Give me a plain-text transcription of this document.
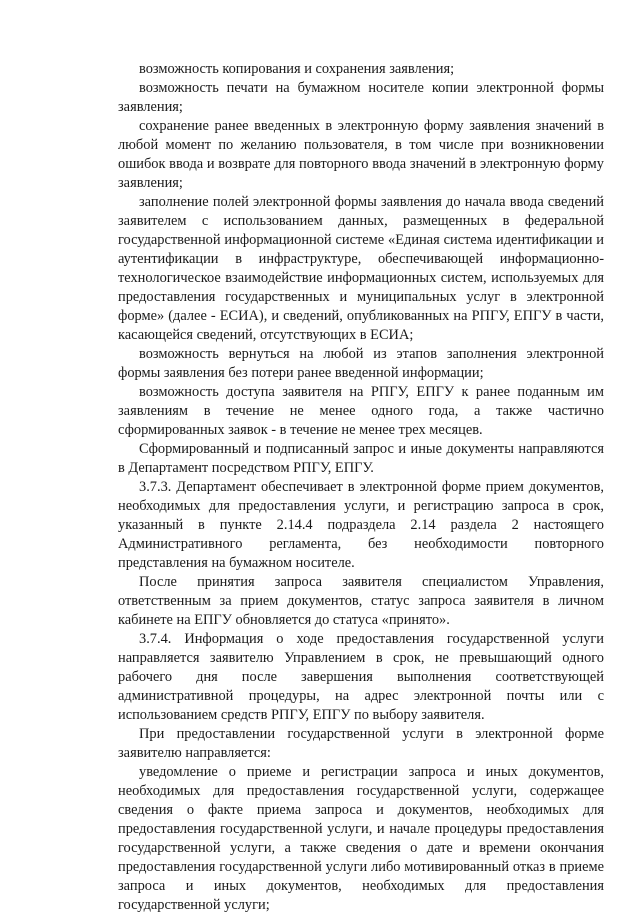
возможность копирования и сохранения заявления;

возможность печати на бумажном носителе копии электронной формы заявления;

сохранение ранее введенных в электронную форму заявления значений в любой момент по желанию пользователя, в том числе при возникновении ошибок ввода и возврате для повторного ввода значений в электронную форму заявления;

заполнение полей электронной формы заявления до начала ввода сведений заявителем с использованием данных, размещенных в федеральной государственной информационной системе «Единая система идентификации и аутентификации в инфраструктуре, обеспечивающей информационно-технологическое взаимодействие информационных систем, используемых для предоставления государственных и муниципальных услуг в электронной форме» (далее - ЕСИА), и сведений, опубликованных на РПГУ, ЕПГУ в части, касающейся сведений, отсутствующих в ЕСИА;

возможность вернуться на любой из этапов заполнения электронной формы заявления без потери ранее введенной информации;

возможность доступа заявителя на РПГУ, ЕПГУ к ранее поданным им заявлениям в течение не менее одного года, а также частично сформированных заявок - в течение не менее трех месяцев.

Сформированный и подписанный запрос и иные документы направляются в Департамент посредством РПГУ, ЕПГУ.

3.7.3. Департамент обеспечивает в электронной форме прием документов, необходимых для предоставления услуги, и регистрацию запроса в срок, указанный в пункте 2.14.4 подраздела 2.14 раздела 2 настоящего Административного регламента, без необходимости повторного представления на бумажном носителе.

После принятия запроса заявителя специалистом Управления, ответственным за прием документов, статус запроса заявителя в личном кабинете на ЕПГУ обновляется до статуса «принято».

3.7.4. Информация о ходе предоставления государственной услуги направляется заявителю Управлением в срок, не превышающий одного рабочего дня после завершения выполнения соответствующей административной процедуры, на адрес электронной почты или с использованием средств РПГУ, ЕПГУ по выбору заявителя.

При предоставлении государственной услуги в электронной форме заявителю направляется:

уведомление о приеме и регистрации запроса и иных документов, необходимых для предоставления государственной услуги, содержащее сведения о факте приема запроса и документов, необходимых для предоставления государственной услуги, и начале процедуры предоставления государственной услуги, а также сведения о дате и времени окончания предоставления государственной услуги либо мотивированный отказ в приеме запроса и иных документов, необходимых для предоставления государственной услуги;
